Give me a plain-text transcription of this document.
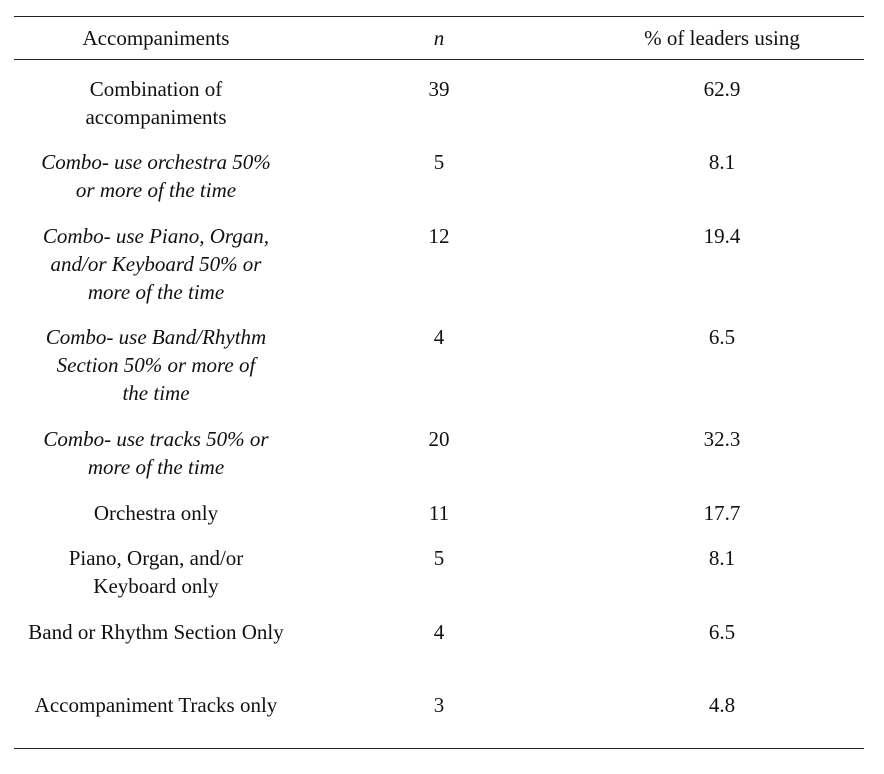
Accompaniments	n	% of leaders using
Combination of accompaniments	39	62.9
Combo- use orchestra 50% or more of the time	5	8.1
Combo- use Piano, Organ, and/or Keyboard 50% or more of the time	12	19.4
Combo- use Band/Rhythm Section 50% or more of the time	4	6.5
Combo- use tracks 50% or more of the time	20	32.3
Orchestra only	11	17.7
Piano, Organ, and/or Keyboard only	5	8.1
Band or Rhythm Section Only	4	6.5
Accompaniment Tracks only	3	4.8
